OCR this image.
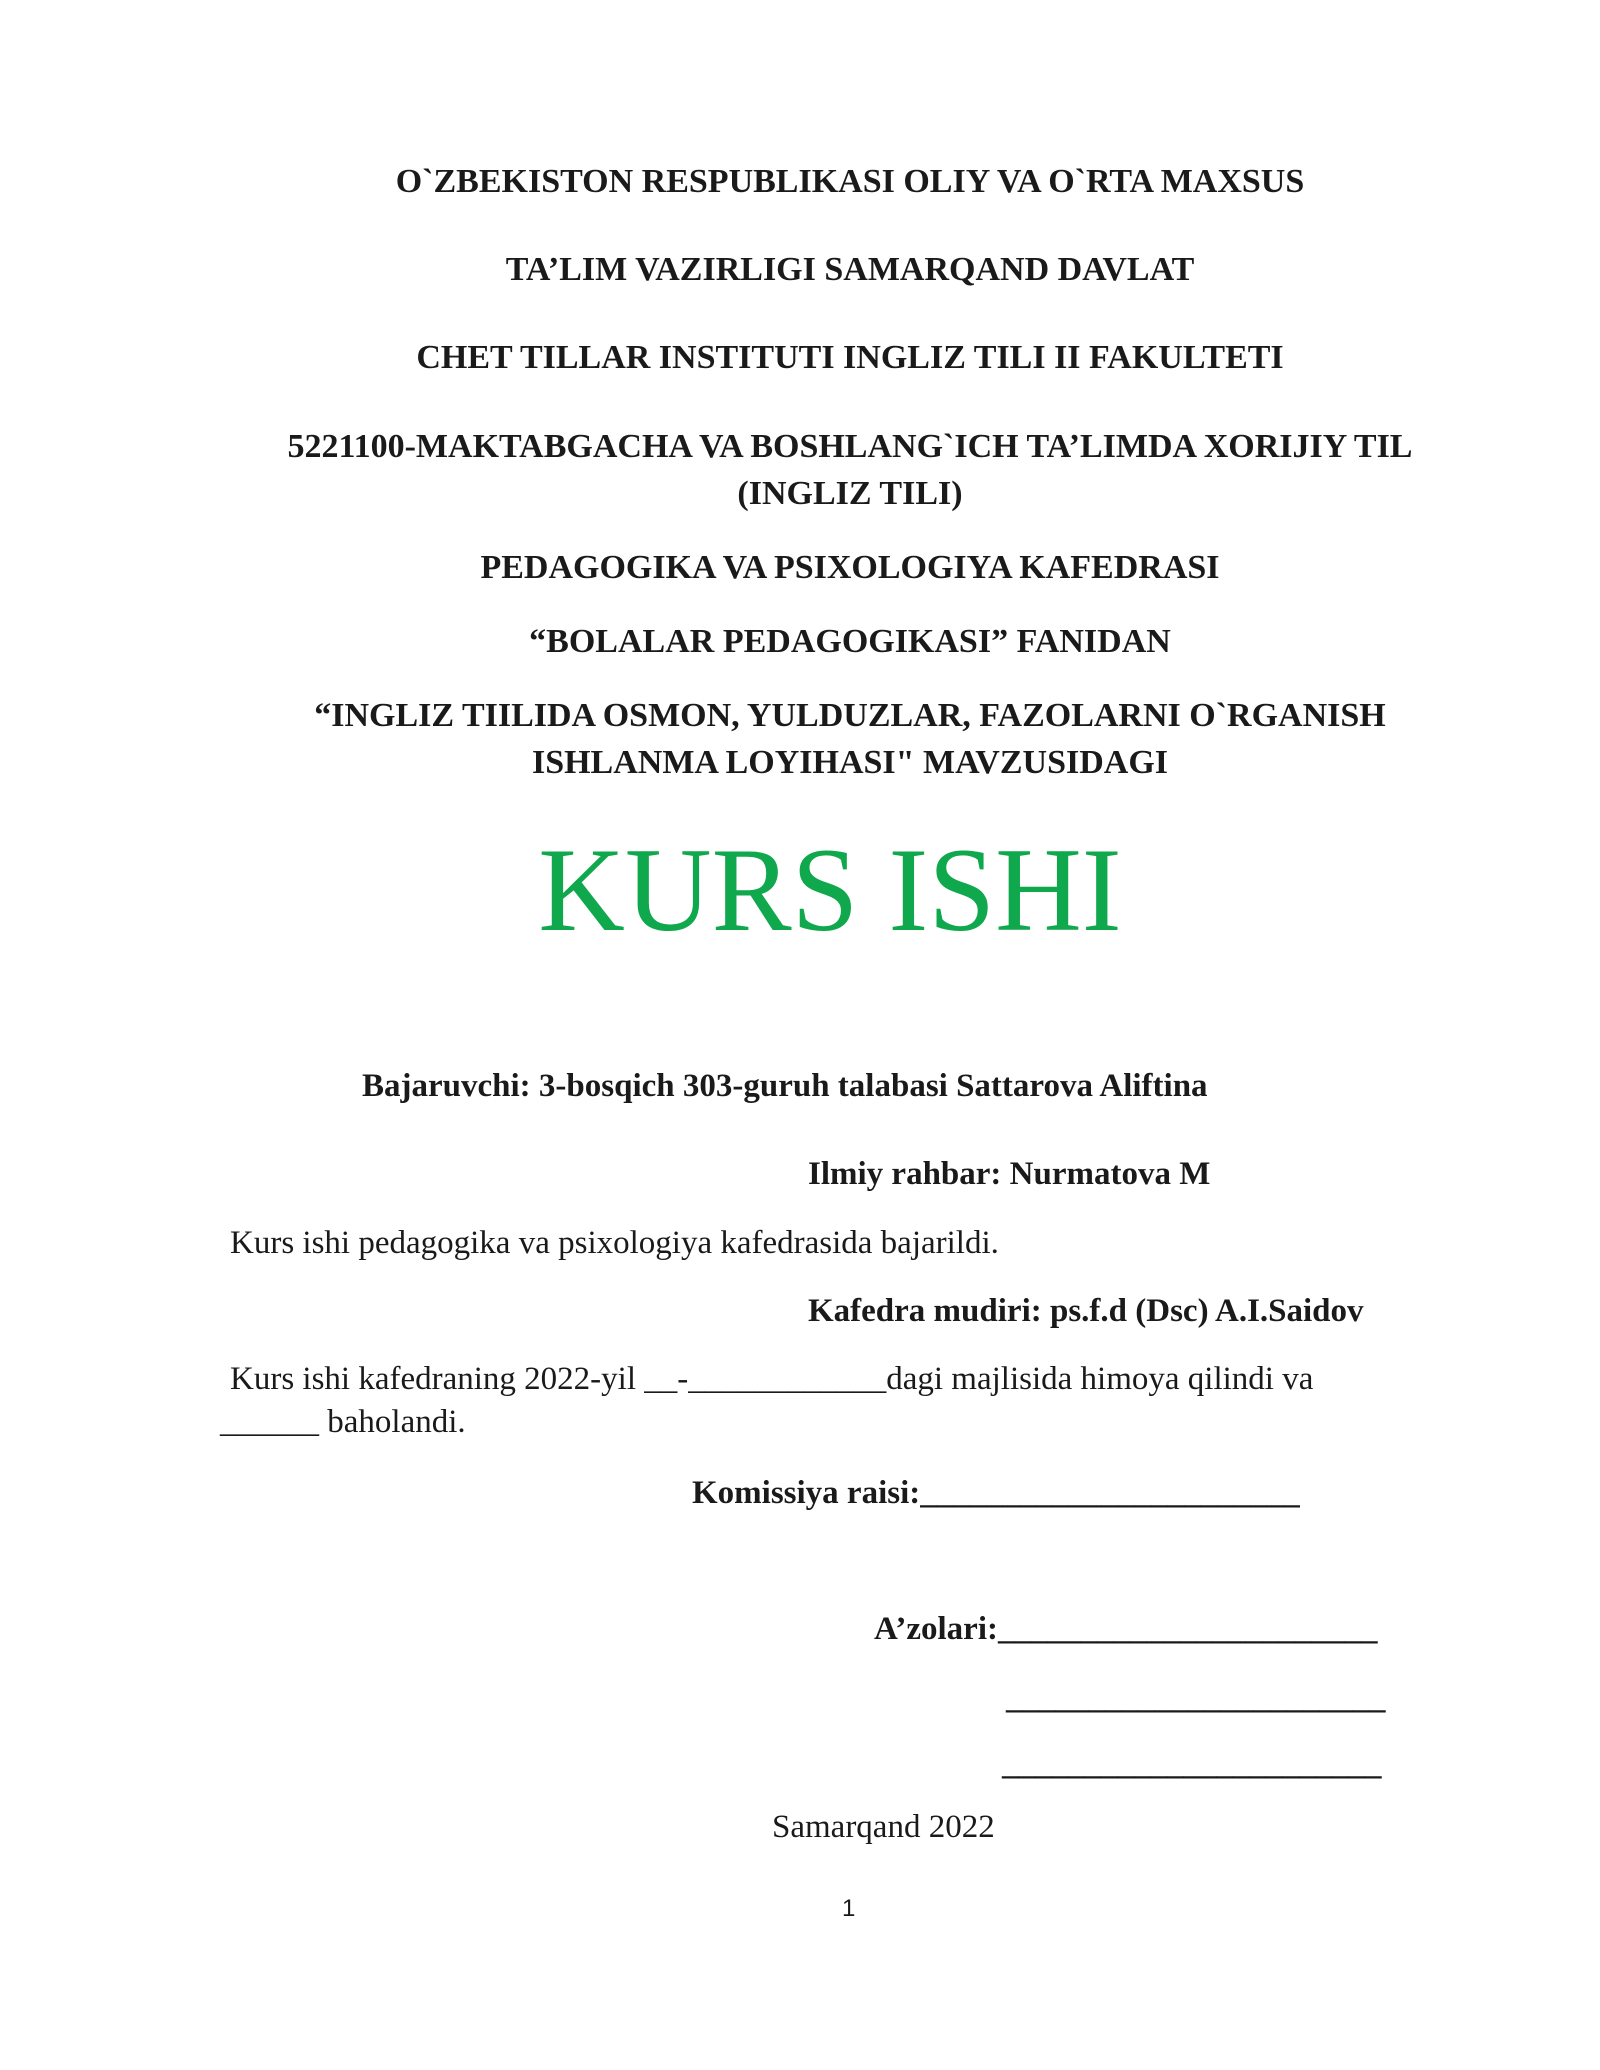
O`ZBEKISTON RESPUBLIKASI OLIY VA O`RTA MAXSUS
TA’LIM VAZIRLIGI SAMARQAND DAVLAT
CHET TILLAR INSTITUTI INGLIZ TILI II FAKULTETI
5221100-MAKTABGACHA VA BOSHLANG`ICH TA’LIMDA XORIJIY TIL
(INGLIZ TILI)
PEDAGOGIKA VA PSIXOLOGIYA KAFEDRASI
“BOLALAR PEDAGOGIKASI” FANIDAN
“INGLIZ TIILIDA OSMON, YULDUZLAR, FAZOLARNI O`RGANISH
ISHLANMA LOYIHASI" MAVZUSIDAGI
KURS ISHI
Bajaruvchi: 3-bosqich 303-guruh talabasi Sattarova Aliftina
Ilmiy rahbar: Nurmatova M
Kurs ishi pedagogika va psixologiya kafedrasida bajarildi.
Kafedra mudiri: ps.f.d (Dsc) A.I.Saidov
Kurs ishi kafedraning 2022-yil __-____________dagi majlisida himoya qilindi va
______ baholandi.
Komissiya raisi:_______________________
A’zolari:_______________________
_______________________
_______________________
Samarqand 2022
1
